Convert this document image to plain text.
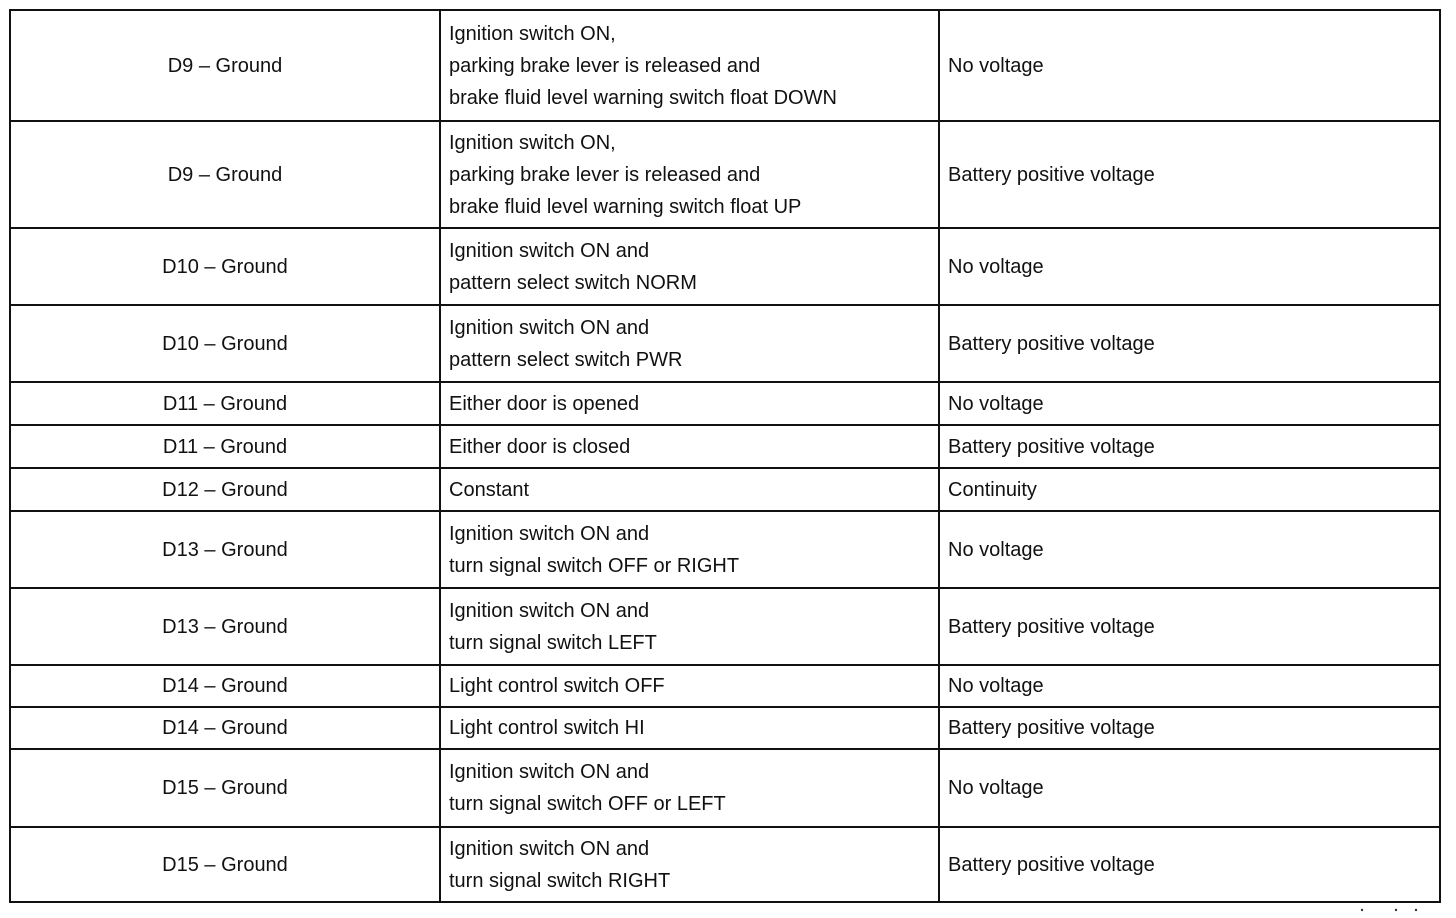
D9 – Ground	Ignition switch ON,
parking brake lever is released and
brake fluid level warning switch float DOWN	No voltage
D9 – Ground	Ignition switch ON,
parking brake lever is released and
brake fluid level warning switch float UP	Battery positive voltage
D10 – Ground	Ignition switch ON and
pattern select switch NORM	No voltage
D10 – Ground	Ignition switch ON and
pattern select switch PWR	Battery positive voltage
D11 – Ground	Either door is opened	No voltage
D11 – Ground	Either door is closed	Battery positive voltage
D12 – Ground	Constant	Continuity
D13 – Ground	Ignition switch ON and
turn signal switch OFF or RIGHT	No voltage
D13 – Ground	Ignition switch ON and
turn signal switch LEFT	Battery positive voltage
D14 – Ground	Light control switch OFF	No voltage
D14 – Ground	Light control switch HI	Battery positive voltage
D15 – Ground	Ignition switch ON and
turn signal switch OFF or LEFT	No voltage
D15 – Ground	Ignition switch ON and
turn signal switch RIGHT	Battery positive voltage
